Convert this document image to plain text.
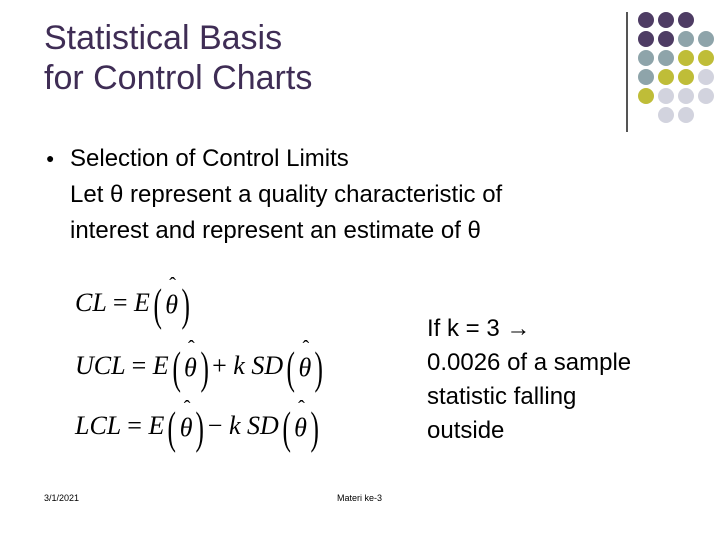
Statistical Basis
for Control Charts
● Selection of Control Limits
Let θ represent a quality characteristic of
interest and represent an estimate of θ
CL = E( ˆ
θ)
UCL = E( ˆ
θ) + k SD( ˆ
θ)
LCL = E( ˆ
θ) − k SD( ˆ
θ)
If k = 3 →
0.0026 of a sample
statistic falling
outside
3/1/2021	Materi ke-3
